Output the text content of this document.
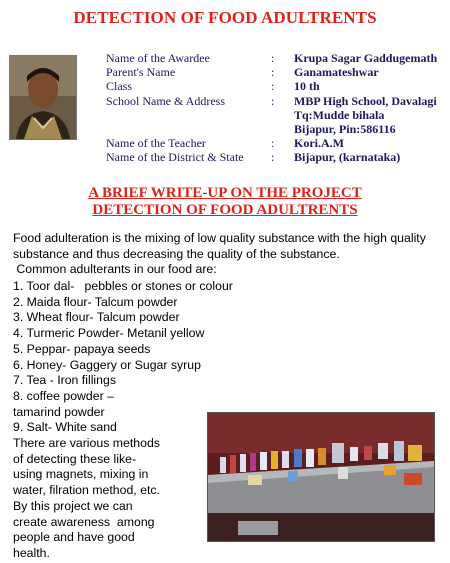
DETECTION OF FOOD ADULTRENTS
Name of the Awardee
Parent's Name
Class
School Name & Address
Name of the Teacher
Name of the District & State
:
:
:
:
:
:
Krupa Sagar Gaddugemath
Ganamateshwar
10 th
MBP High School, Davalagi
Tq:Mudde bihala
Bijapur, Pin:586116
Kori.A.M
Bijapur, (karnataka)
A BRIEF WRITE-UP ON THE PROJECT
DETECTION OF FOOD ADULTRENTS

Food adulteration is the mixing of low quality substance with the high quality substance and thus decreasing the quality of the substance.

Common adulterants in our food are:

1. Toor dal-   pebbles or stones or colour
2. Maida flour- Talcum powder
3. Wheat flour- Talcum powder
4. Turmeric Powder- Metanil yellow
5. Peppar- papaya seeds
6. Honey- Gaggery or Sugar syrup
7. Tea - Iron fillings
8. coffee powder –
tamarind powder
9. Salt- White sand
There are various methods
of detecting these like-
using magnets, mixing in
water, filration method, etc.
By this project we can
create awareness  among
people and have good
health.
